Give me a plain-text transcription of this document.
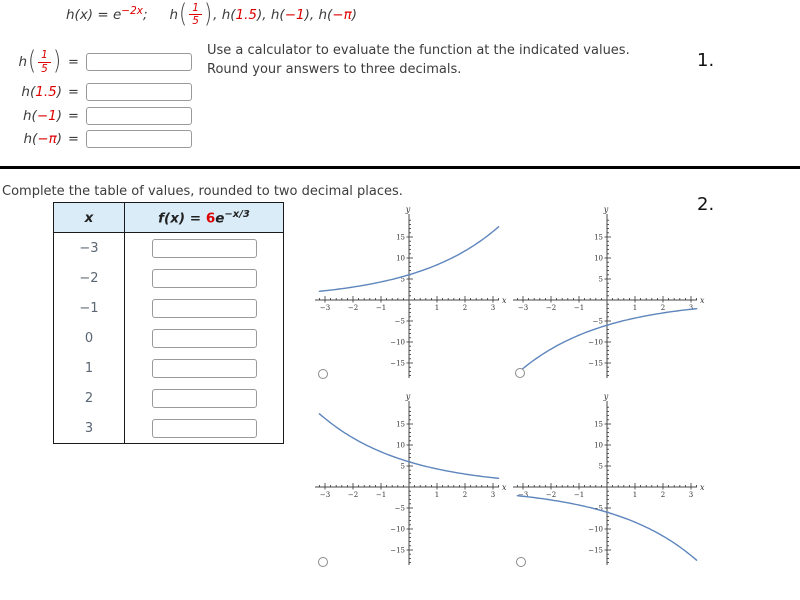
$h(x) = e^{-2x}$ ; h ( $\frac{1}{5}$ ) , h( 1.5 ), h( −1 ), h( −π )
h ( $\frac{1}{5}$ ) =
h( 1.5 ) =
h( −1 ) =
h( −π ) =
Use a calculator to evaluate the function at the indicated values.
Round your answers to three decimals.	1.
Complete the table of values, rounded to two decimal places.
2.
x	$f(x) = 6e^{-x/3}$
−3	
−2	
−1	
0	
1	
2	
3	
−3	−2	−1	1	2	3
15
10
5
−5
−10
−15
x
y
−3	−2	−1	1	2	3
15
10
5
−5
−10
−15
x
y
−3	−2	−1	1	2	3
15
10
5
−5
−10
−15
x
y
−3	−2	−1	1	2	3
15
10
5
−5
−10
−15
x
y
